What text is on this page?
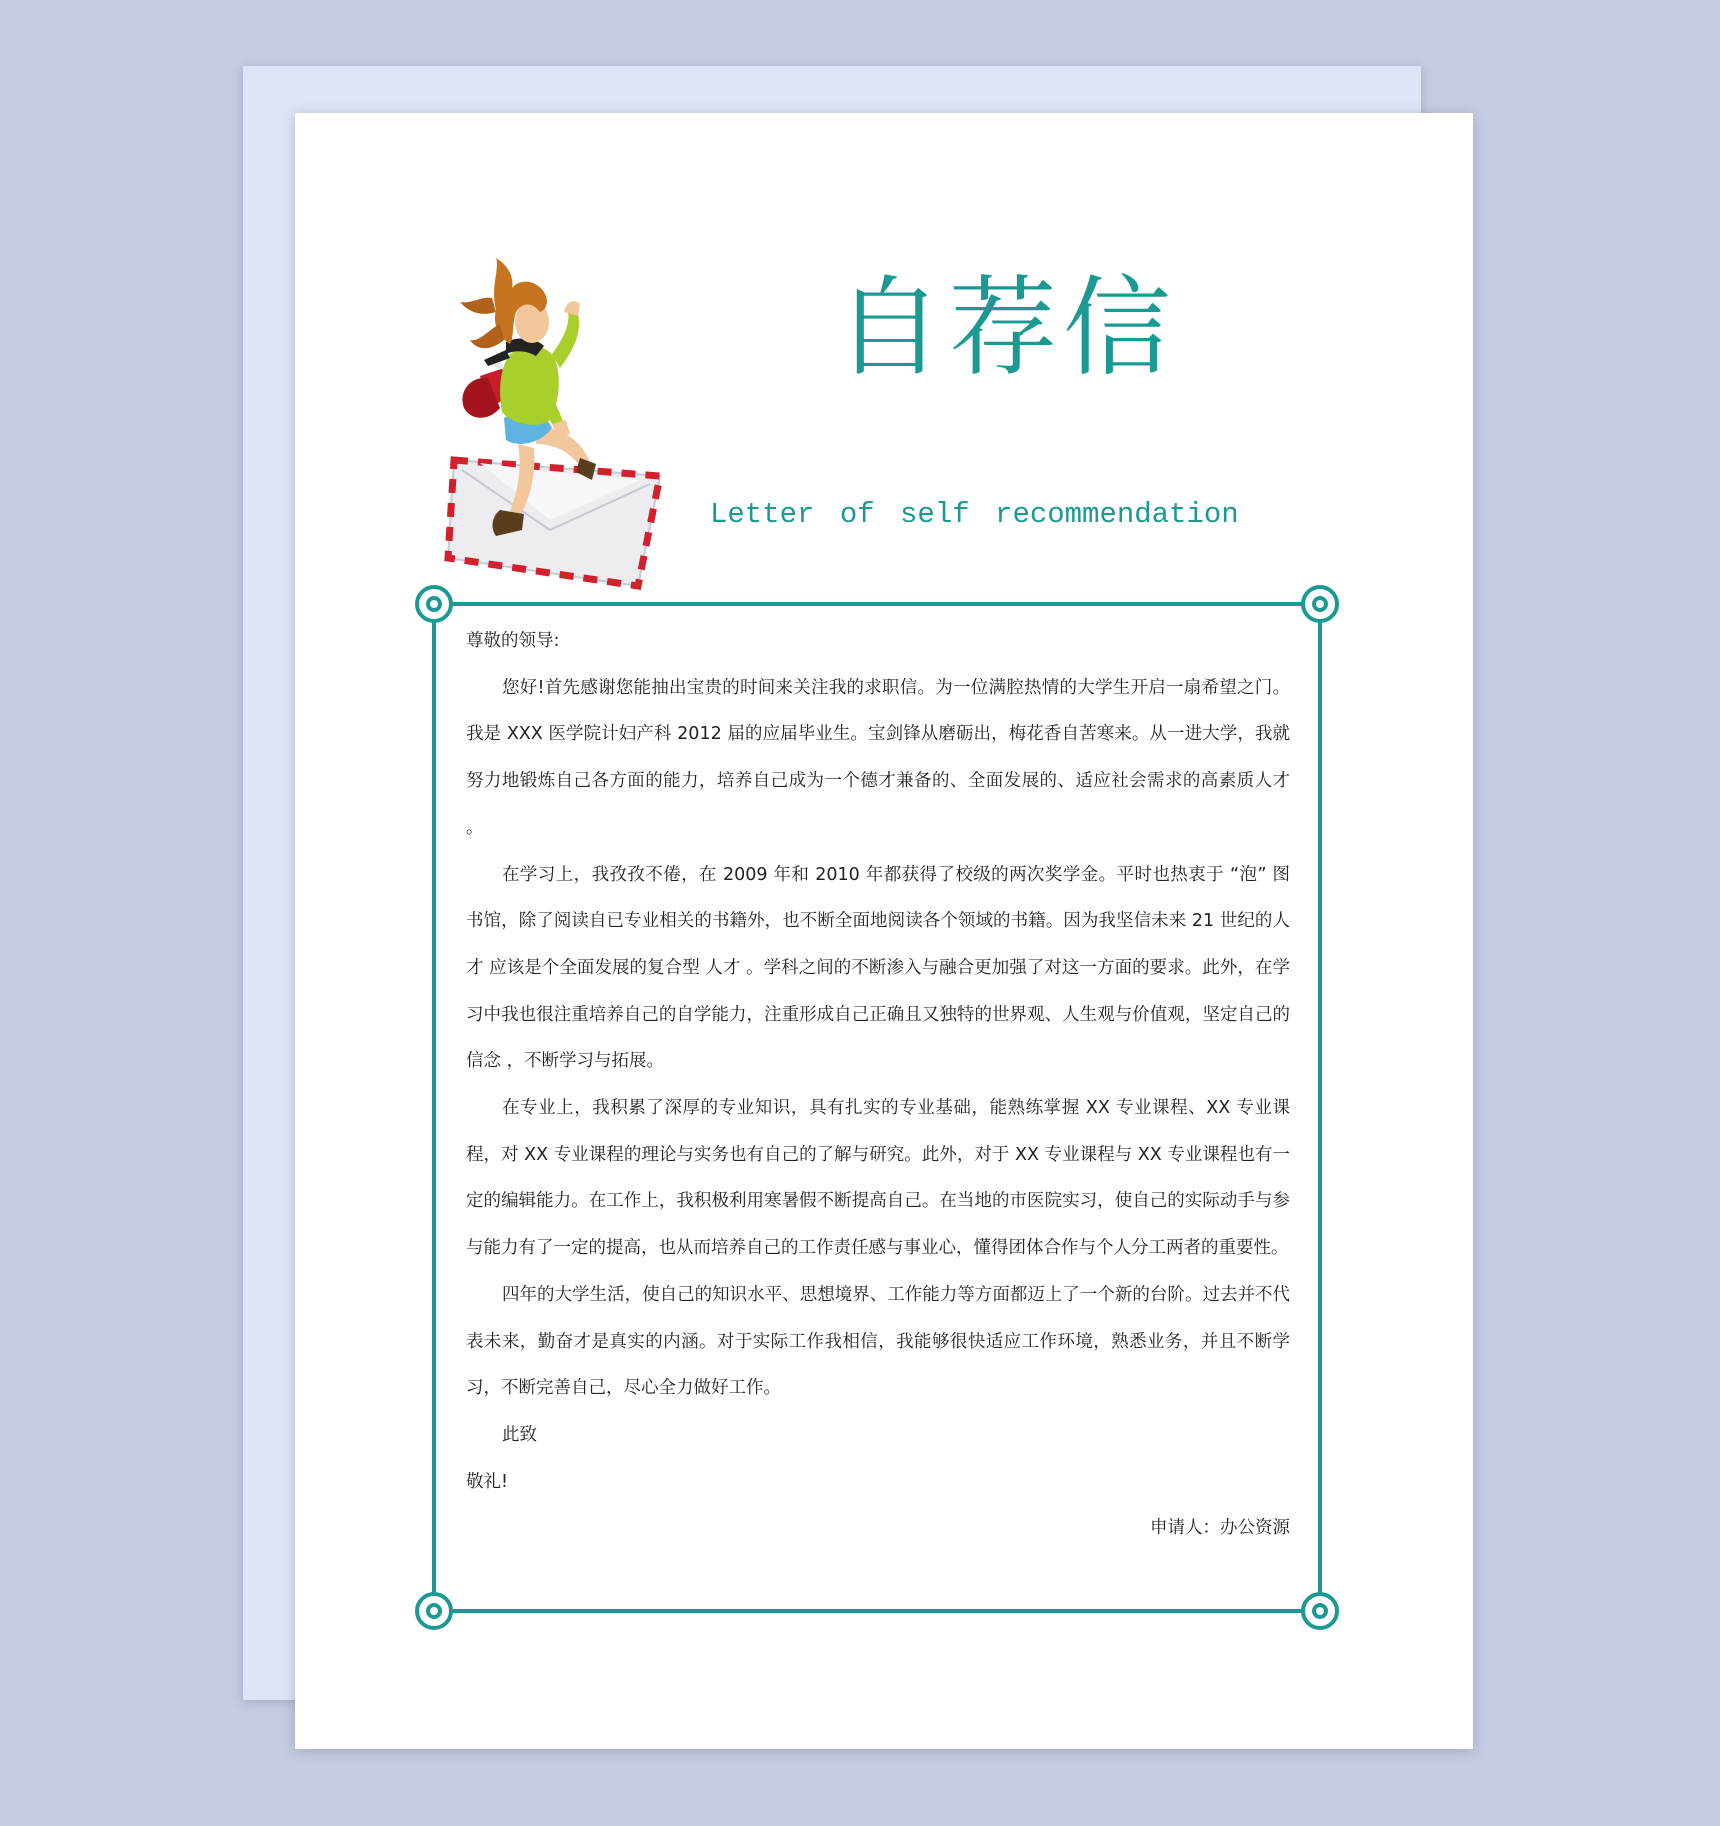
自荐信

Letter of self recommendation

尊敬的领导:

您好!首先感谢您能抽出宝贵的时间来关注我的求职信。为一位满腔热情的大学生开启一扇希望之门。我是 XXX 医学院计妇产科 2012 届的应届毕业生。宝剑锋从磨砺出，梅花香自苦寒来。从一进大学，我就努力地锻炼自己各方面的能力，培养自己成为一个德才兼备的、全面发展的、适应社会需求的高素质人才 。

在学习上，我孜孜不倦，在 2009 年和 2010 年都获得了校级的两次奖学金。平时也热衷于 “泡” 图书馆，除了阅读自已专业相关的书籍外，也不断全面地阅读各个领域的书籍。因为我坚信未来 21 世纪的人才 应该是个全面发展的复合型 人才 。学科之间的不断渗入与融合更加强了对这一方面的要求。此外，在学习中我也很注重培养自己的自学能力，注重形成自己正确且又独特的世界观、人生观与价值观，坚定自己的信念 ，不断学习与拓展。

在专业上，我积累了深厚的专业知识，具有扎实的专业基础，能熟练掌握 XX 专业课程、XX 专业课程，对 XX 专业课程的理论与实务也有自己的了解与研究。此外，对于 XX 专业课程与 XX 专业课程也有一定的编辑能力。在工作上，我积极利用寒暑假不断提高自己。在当地的市医院实习，使自己的实际动手与参与能力有了一定的提高，也从而培养自己的工作责任感与事业心，懂得团体合作与个人分工两者的重要性。

四年的大学生活，使自己的知识水平、思想境界、工作能力等方面都迈上了一个新的台阶。过去并不代表未来，勤奋才是真实的内涵。对于实际工作我相信，我能够很快适应工作环境，熟悉业务，并且不断学习，不断完善自己，尽心全力做好工作。

此致

敬礼!

申请人：办公资源
